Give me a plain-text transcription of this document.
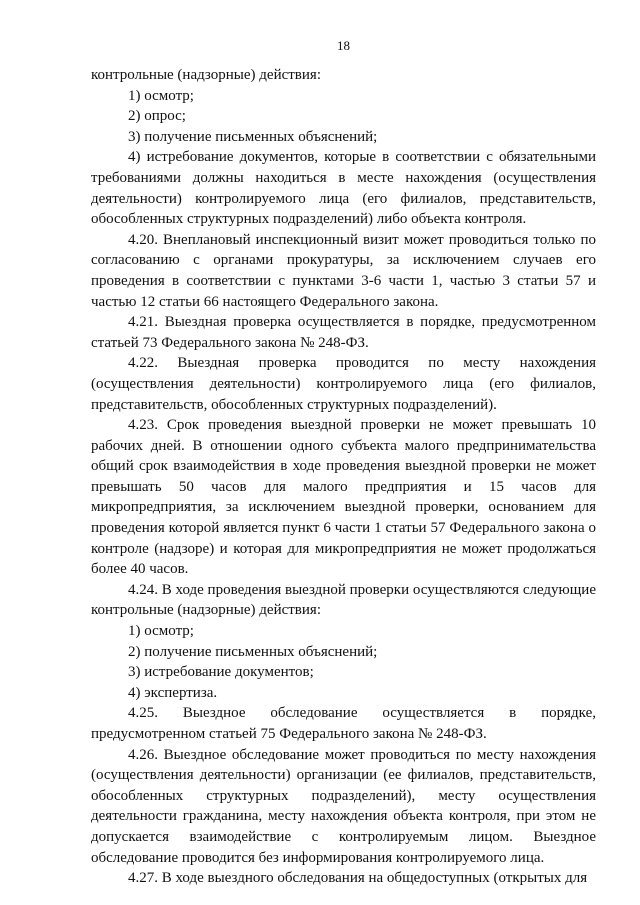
18

контрольные (надзорные) действия:

1) осмотр;

2) опрос;

3) получение письменных объяснений;

4) истребование документов, которые в соответствии с обязательными требованиями должны находиться в месте нахождения (осуществления деятельности) контролируемого лица (его филиалов, представительств, обособленных структурных подразделений) либо объекта контроля.

4.20. Внеплановый инспекционный визит может проводиться только по согласованию с органами прокуратуры, за исключением случаев его проведения в соответствии с пунктами 3-6 части 1, частью 3 статьи 57 и частью 12 статьи 66 настоящего Федерального закона.

4.21. Выездная проверка осуществляется в порядке, предусмотренном статьей 73 Федерального закона № 248-ФЗ.

4.22. Выездная проверка проводится по месту нахождения (осуществления деятельности) контролируемого лица (его филиалов, представительств, обособленных структурных подразделений).

4.23. Срок проведения выездной проверки не может превышать 10 рабочих дней. В отношении одного субъекта малого предпринимательства общий срок взаимодействия в ходе проведения выездной проверки не может превышать 50 часов для малого предприятия и 15 часов для микропредприятия, за исключением выездной проверки, основанием для проведения которой является пункт 6 части 1 статьи 57 Федерального закона о контроле (надзоре) и которая для микропредприятия не может продолжаться более 40 часов.

4.24. В ходе проведения выездной проверки осуществляются следующие контрольные (надзорные) действия:

1) осмотр;

2) получение письменных объяснений;

3) истребование документов;

4) экспертиза.

4.25. Выездное обследование осуществляется в порядке, предусмотренном статьей 75 Федерального закона № 248-ФЗ.

4.26. Выездное обследование может проводиться по месту нахождения (осуществления деятельности) организации (ее филиалов, представительств, обособленных структурных подразделений), месту осуществления деятельности гражданина, месту нахождения объекта контроля, при этом не допускается взаимодействие с контролируемым лицом. Выездное обследование проводится без информирования контролируемого лица.

4.27. В ходе выездного обследования на общедоступных (открытых для
